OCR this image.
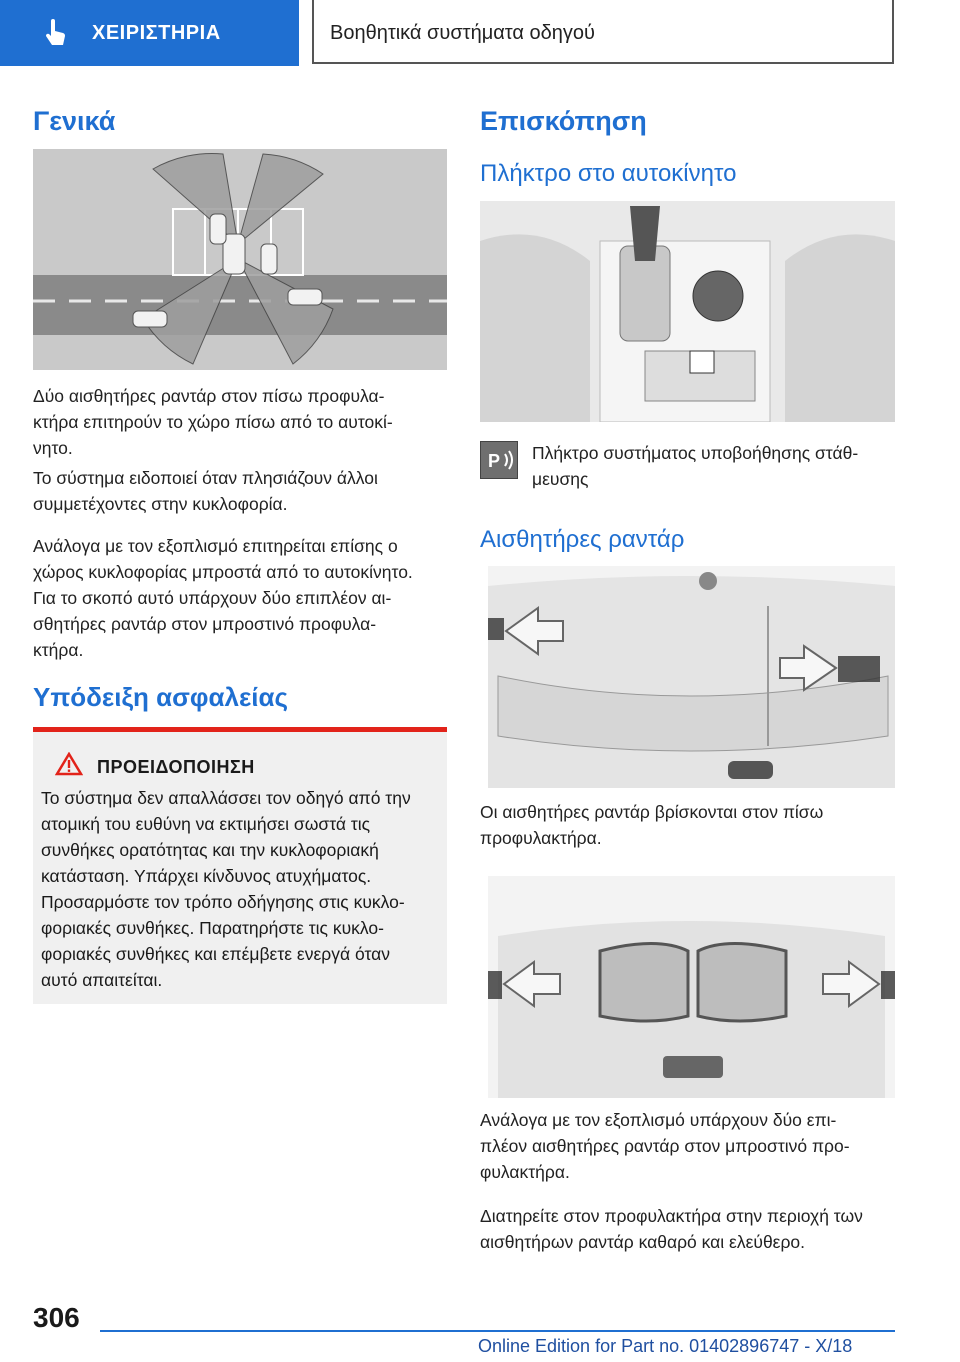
ΧΕΙΡΙΣΤΗΡΙΑ	Βοηθητικά συστήματα οδηγού
Γενικά
Δύο αισθητήρες ραντάρ στον πίσω προφυλα-
κτήρα επιτηρούν το χώρο πίσω από το αυτοκί-
νητο.
Το σύστημα ειδοποιεί όταν πλησιάζουν άλλοι
συμμετέχοντες στην κυκλοφορία.
Ανάλογα με τον εξοπλισμό επιτηρείται επίσης ο
χώρος κυκλοφορίας μπροστά από το αυτοκίνητο.
Για το σκοπό αυτό υπάρχουν δύο επιπλέον αι-
σθητήρες ραντάρ στον μπροστινό προφυλα-
κτήρα.
Υπόδειξη ασφαλείας
ΠΡΟΕΙΔΟΠΟΙΗΣΗ
Το σύστημα δεν απαλλάσσει τον οδηγό από την
ατομική του ευθύνη να εκτιμήσει σωστά τις
συνθήκες ορατότητας και την κυκλοφοριακή
κατάσταση. Υπάρχει κίνδυνος ατυχήματος.
Προσαρμόστε τον τρόπο οδήγησης στις κυκλο-
φοριακές συνθήκες. Παρατηρήστε τις κυκλο-
φοριακές συνθήκες και επέμβετε ενεργά όταν
αυτό απαιτείται.
Επισκόπηση
Πλήκτρο στο αυτοκίνητο
P Πλήκτρο συστήματος υποβοήθησης στάθ-
μευσης
Αισθητήρες ραντάρ
Οι αισθητήρες ραντάρ βρίσκονται στον πίσω
προφυλακτήρα.
Ανάλογα με τον εξοπλισμό υπάρχουν δύο επι-
πλέον αισθητήρες ραντάρ στον μπροστινό προ-
φυλακτήρα.
Διατηρείτε στον προφυλακτήρα στην περιοχή των
αισθητήρων ραντάρ καθαρό και ελεύθερο.
306
Online Edition for Part no. 01402896747 - X/18
